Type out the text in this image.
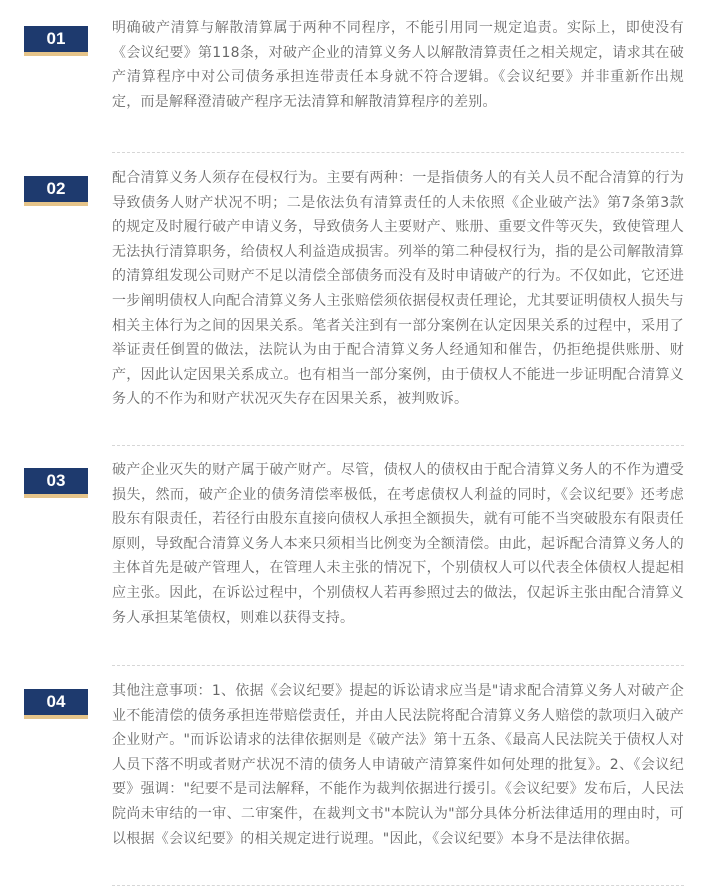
01
明确破产清算与解散清算属于两种不同程序，不能引用同一规定追责。实际上，即使没有《会议纪要》第118条，对破产企业的清算义务人以解散清算责任之相关规定，请求其在破产清算程序中对公司债务承担连带责任本身就不符合逻辑。《会议纪要》并非重新作出规定，而是解释澄清破产程序无法清算和解散清算程序的差别。
02
配合清算义务人须存在侵权行为。主要有两种：一是指债务人的有关人员不配合清算的行为导致债务人财产状况不明；二是依法负有清算责任的人未依照《企业破产法》第7条第3款的规定及时履行破产申请义务，导致债务人主要财产、账册、重要文件等灭失，致使管理人无法执行清算职务，给债权人利益造成损害。列举的第二种侵权行为，指的是公司解散清算的清算组发现公司财产不足以清偿全部债务而没有及时申请破产的行为。不仅如此，它还进一步阐明债权人向配合清算义务人主张赔偿须依据侵权责任理论，尤其要证明债权人损失与相关主体行为之间的因果关系。笔者关注到有一部分案例在认定因果关系的过程中，采用了举证责任倒置的做法，法院认为由于配合清算义务人经通知和催告，仍拒绝提供账册、财产，因此认定因果关系成立。也有相当一部分案例，由于债权人不能进一步证明配合清算义务人的不作为和财产状况灭失存在因果关系，被判败诉。
03
破产企业灭失的财产属于破产财产。尽管，债权人的债权由于配合清算义务人的不作为遭受损失，然而，破产企业的债务清偿率极低，在考虑债权人利益的同时，《会议纪要》还考虑股东有限责任，若径行由股东直接向债权人承担全额损失，就有可能不当突破股东有限责任原则，导致配合清算义务人本来只须相当比例变为全额清偿。由此，起诉配合清算义务人的主体首先是破产管理人，在管理人未主张的情况下，个别债权人可以代表全体债权人提起相应主张。因此，在诉讼过程中，个别债权人若再参照过去的做法，仅起诉主张由配合清算义务人承担某笔债权，则难以获得支持。
04
其他注意事项：1、依据《会议纪要》提起的诉讼请求应当是"请求配合清算义务人对破产企业不能清偿的债务承担连带赔偿责任，并由人民法院将配合清算义务人赔偿的款项归入破产企业财产。"而诉讼请求的法律依据则是《破产法》第十五条、《最高人民法院关于债权人对人员下落不明或者财产状况不清的债务人申请破产清算案件如何处理的批复》。2、《会议纪要》强调："纪要不是司法解释，不能作为裁判依据进行援引。《会议纪要》发布后，人民法院尚未审结的一审、二审案件，在裁判文书"本院认为"部分具体分析法律适用的理由时，可以根据《会议纪要》的相关规定进行说理。"因此，《会议纪要》本身不是法律依据。
